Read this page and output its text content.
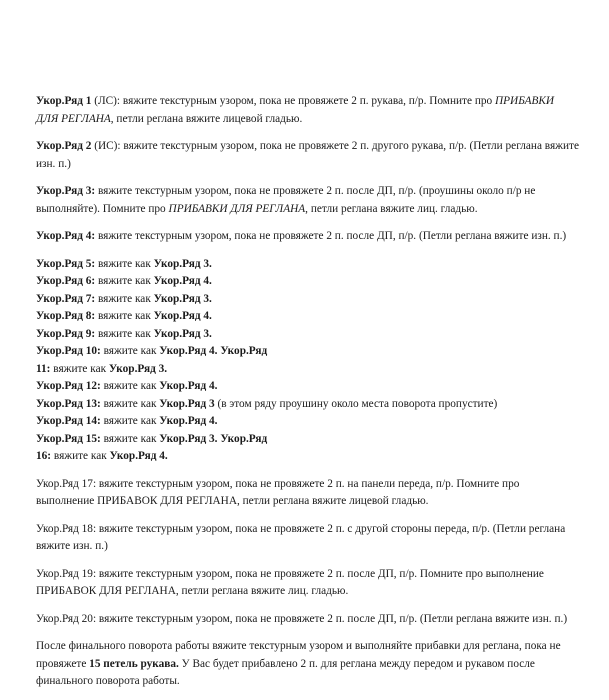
Укор.Ряд 1 (ЛС): вяжите текстурным узором, пока не провяжете 2 п. рукава, п/р. Помните про ПРИБАВКИ ДЛЯ РЕГЛАНА, петли реглана вяжите лицевой гладью.

Укор.Ряд 2 (ИС): вяжите текстурным узором, пока не провяжете 2 п. другого рукава, п/р. (Петли реглана вяжите изн. п.)

Укор.Ряд 3: вяжите текстурным узором, пока не провяжете 2 п. после ДП, п/р. (проушины около п/р не выполняйте). Помните про ПРИБАВКИ ДЛЯ РЕГЛАНА, петли реглана вяжите лиц. гладью.

Укор.Ряд 4: вяжите текстурным узором, пока не провяжете 2 п. после ДП, п/р. (Петли реглана вяжите изн. п.)

Укор.Ряд 5: вяжите как Укор.Ряд 3.

Укор.Ряд 6: вяжите как Укор.Ряд 4.

Укор.Ряд 7: вяжите как Укор.Ряд 3.

Укор.Ряд 8: вяжите как Укор.Ряд 4.

Укор.Ряд 9: вяжите как Укор.Ряд 3.

Укор.Ряд 10: вяжите как Укор.Ряд 4. Укор.Ряд

11: вяжите как Укор.Ряд 3.

Укор.Ряд 12: вяжите как Укор.Ряд 4.

Укор.Ряд 13: вяжите как Укор.Ряд 3 (в этом ряду проушину около места поворота пропустите)

Укор.Ряд 14: вяжите как Укор.Ряд 4.

Укор.Ряд 15: вяжите как Укор.Ряд 3. Укор.Ряд

16: вяжите как Укор.Ряд 4.

Укор.Ряд 17: вяжите текстурным узором, пока не провяжете 2 п. на панели переда, п/р. Помните про выполнение ПРИБАВОК ДЛЯ РЕГЛАНА, петли реглана вяжите лицевой гладью.

Укор.Ряд 18: вяжите текстурным узором, пока не провяжете 2 п. с другой стороны переда, п/р. (Петли реглана вяжите изн. п.)

Укор.Ряд 19: вяжите текстурным узором, пока не провяжете 2 п. после ДП, п/р. Помните про выполнение ПРИБАВОК ДЛЯ РЕГЛАНА, петли реглана вяжите лиц. гладью.

Укор.Ряд 20: вяжите текстурным узором, пока не провяжете 2 п. после ДП, п/р. (Петли реглана вяжите изн. п.)

После финального поворота работы вяжите текстурным узором и выполняйте прибавки для реглана, пока не провяжете 15 петель рукава. У Вас будет прибавлено 2 п. для реглана между передом и рукавом после финального поворота работы.
